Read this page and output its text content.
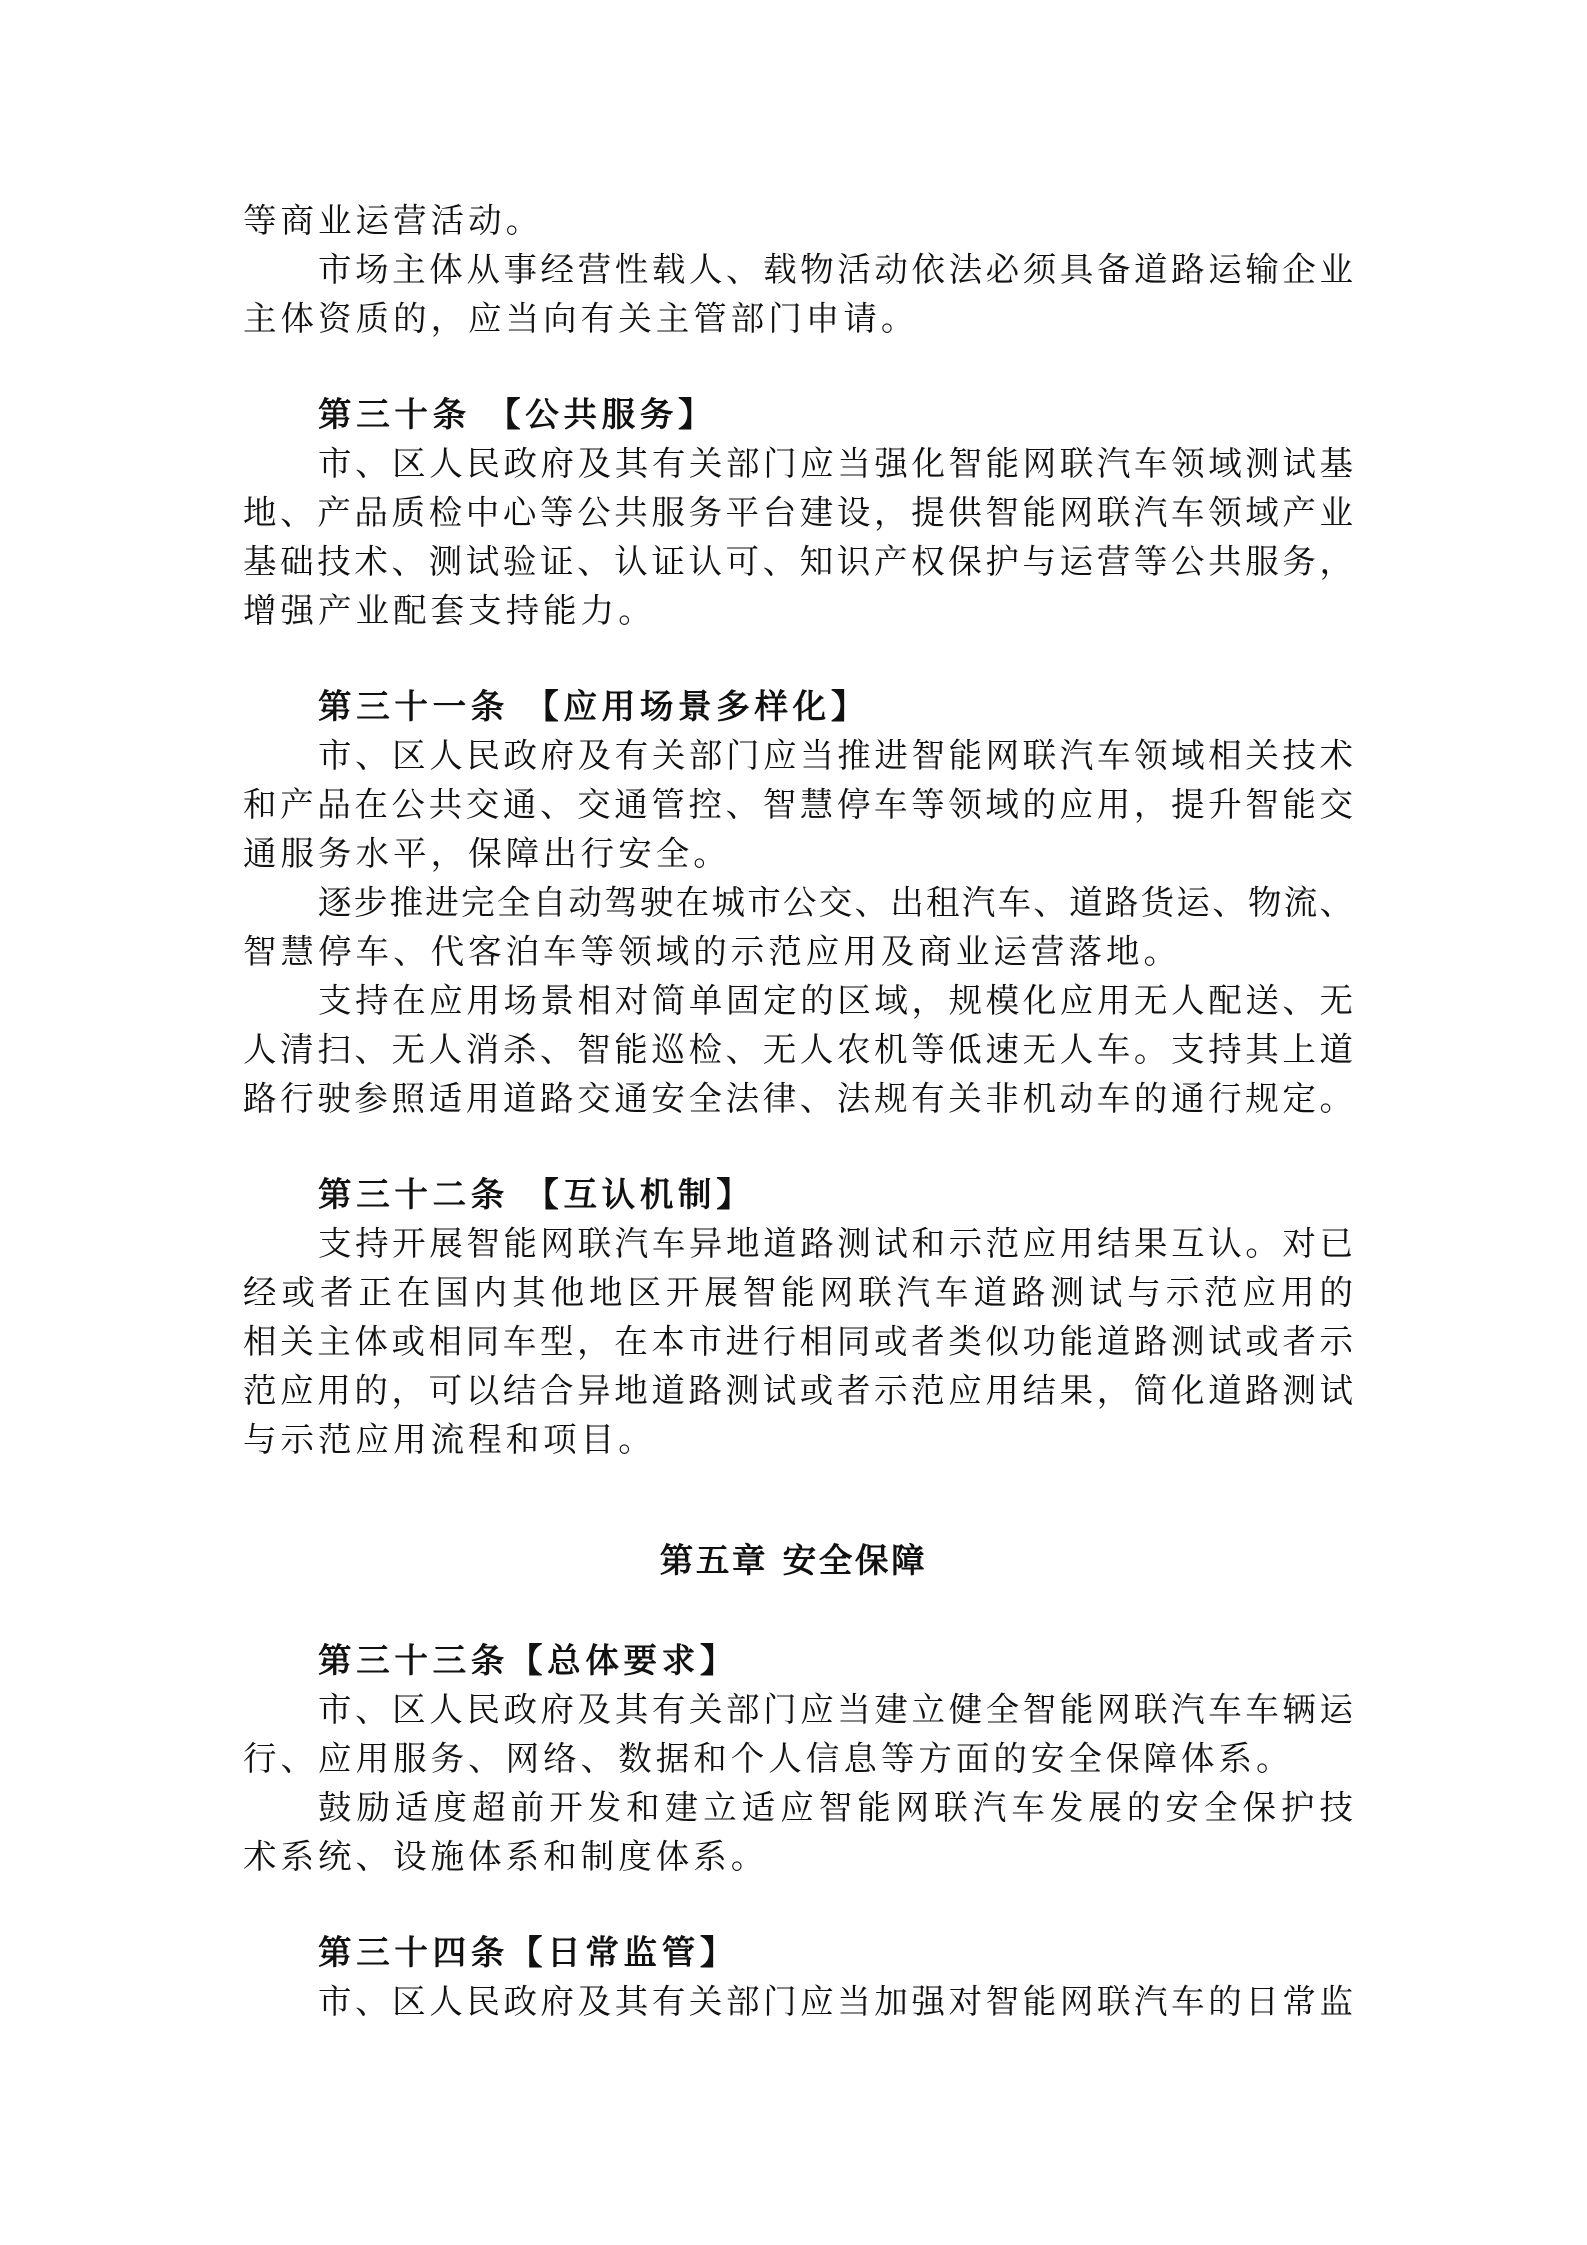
等商业运营活动。
市场主体从事经营性载人、载物活动依法必须具备道路运输企业
主体资质的，应当向有关主管部门申请。
第三十条 【公共服务】
市、区人民政府及其有关部门应当强化智能网联汽车领域测试基
地、产品质检中心等公共服务平台建设，提供智能网联汽车领域产业
基础技术、测试验证、认证认可、知识产权保护与运营等公共服务，
增强产业配套支持能力。
第三十一条 【应用场景多样化】
市、区人民政府及有关部门应当推进智能网联汽车领域相关技术
和产品在公共交通、交通管控、智慧停车等领域的应用，提升智能交
通服务水平，保障出行安全。
逐步推进完全自动驾驶在城市公交、出租汽车、道路货运、物流、
智慧停车、代客泊车等领域的示范应用及商业运营落地。
支持在应用场景相对简单固定的区域，规模化应用无人配送、无
人清扫、无人消杀、智能巡检、无人农机等低速无人车。支持其上道
路行驶参照适用道路交通安全法律、法规有关非机动车的通行规定。
第三十二条 【互认机制】
支持开展智能网联汽车异地道路测试和示范应用结果互认。对已
经或者正在国内其他地区开展智能网联汽车道路测试与示范应用的
相关主体或相同车型，在本市进行相同或者类似功能道路测试或者示
范应用的，可以结合异地道路测试或者示范应用结果，简化道路测试
与示范应用流程和项目。
第五章 安全保障
第三十三条【总体要求】
市、区人民政府及其有关部门应当建立健全智能网联汽车车辆运
行、应用服务、网络、数据和个人信息等方面的安全保障体系。
鼓励适度超前开发和建立适应智能网联汽车发展的安全保护技
术系统、设施体系和制度体系。
第三十四条【日常监管】
市、区人民政府及其有关部门应当加强对智能网联汽车的日常监
